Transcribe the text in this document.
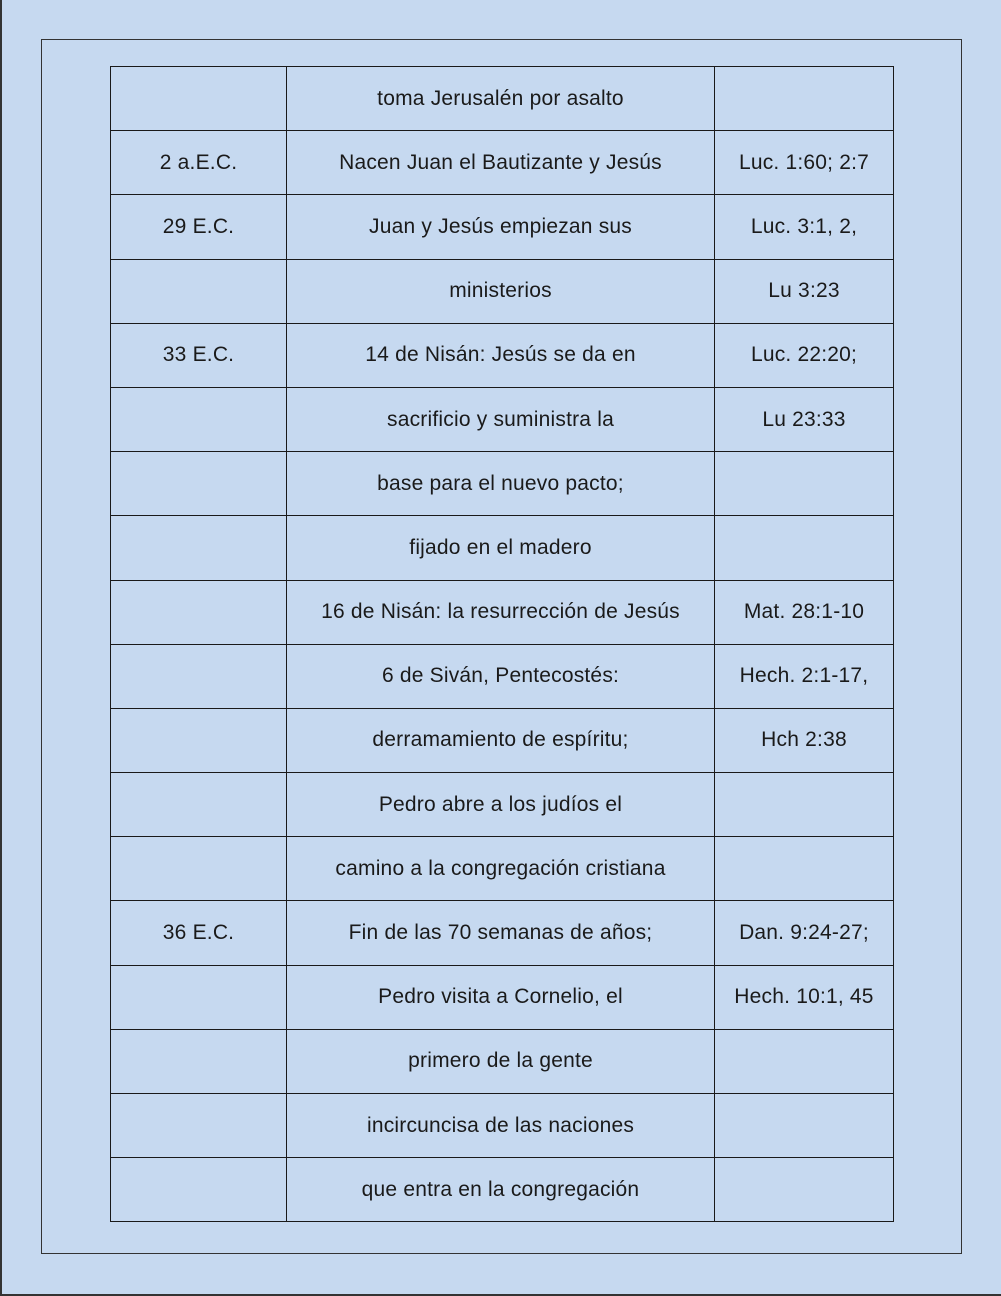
	toma Jerusalén por asalto	
2 a.E.C.	Nacen Juan el Bautizante y Jesús	Luc. 1:60; 2:7
29 E.C.	Juan y Jesús empiezan sus	Luc. 3:1, 2,
	ministerios	Lu 3:23
33 E.C.	14 de Nisán: Jesús se da en	Luc. 22:20;
	sacrificio y suministra la	Lu 23:33
	base para el nuevo pacto;	
	fijado en el madero	
	16 de Nisán: la resurrección de Jesús	Mat. 28:1-10
	6 de Siván, Pentecostés:	Hech. 2:1-17,
	derramamiento de espíritu;	Hch 2:38
	Pedro abre a los judíos el	
	camino a la congregación cristiana	
36 E.C.	Fin de las 70 semanas de años;	Dan. 9:24-27;
	Pedro visita a Cornelio, el	Hech. 10:1, 45
	primero de la gente	
	incircuncisa de las naciones	
	que entra en la congregación	
